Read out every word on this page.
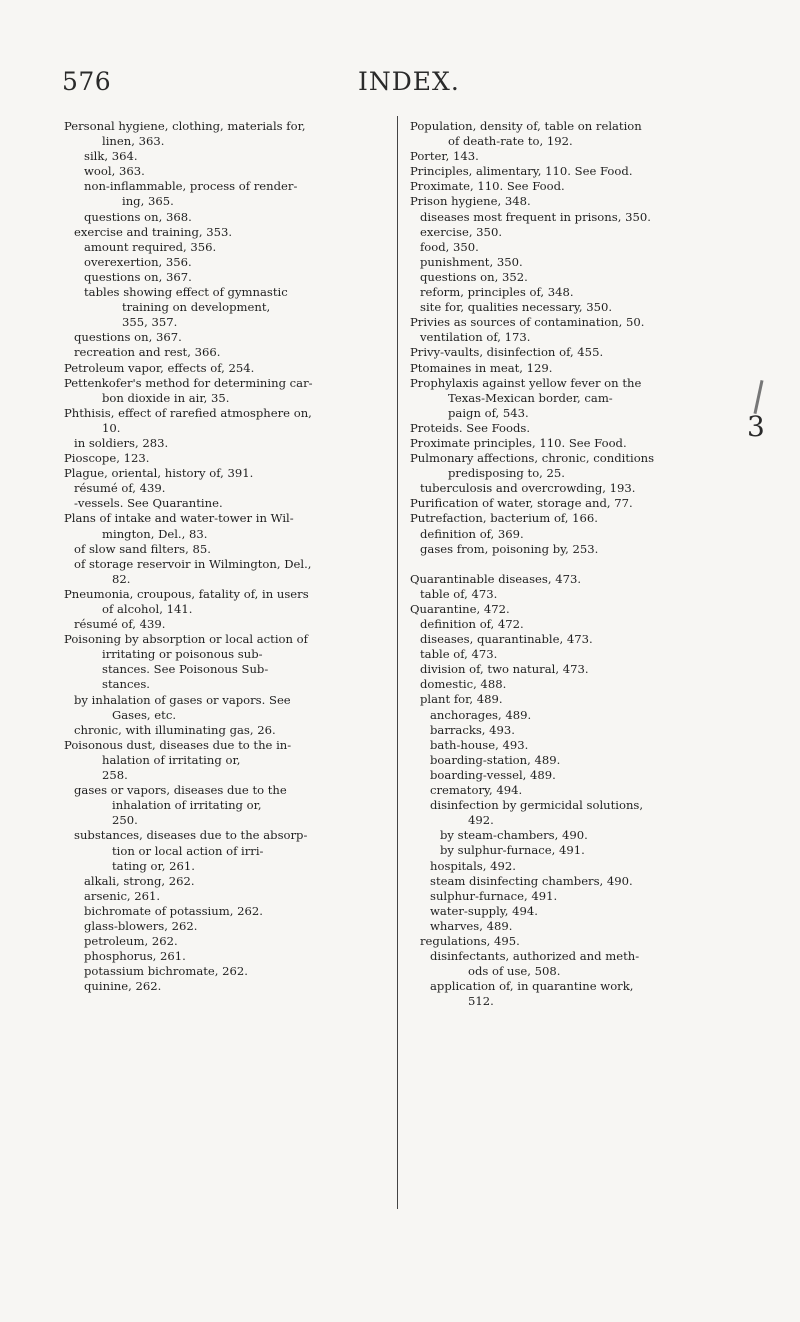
576	INDEX.
Personal hygiene, clothing, materials for,
linen, 363.
silk, 364.
wool, 363.
non-inflammable, process of render-
ing, 365.
questions on, 368.
exercise and training, 353.
amount required, 356.
overexertion, 356.
questions on, 367.
tables showing effect of gymnastic
training on development,
355, 357.
questions on, 367.
recreation and rest, 366.
Petroleum vapor, effects of, 254.
Pettenkofer's method for determining car-
bon dioxide in air, 35.
Phthisis, effect of rarefied atmosphere on,
10.
in soldiers, 283.
Pioscope, 123.
Plague, oriental, history of, 391.
résumé of, 439.
-vessels. See Quarantine.
Plans of intake and water-tower in Wil-
mington, Del., 83.
of slow sand filters, 85.
of storage reservoir in Wilmington, Del.,
82.
Pneumonia, croupous, fatality of, in users
of alcohol, 141.
résumé of, 439.
Poisoning by absorption or local action of
irritating or poisonous sub-
stances. See Poisonous Sub-
stances.
by inhalation of gases or vapors. See
Gases, etc.
chronic, with illuminating gas, 26.
Poisonous dust, diseases due to the in-
halation of irritating or,
258.
gases or vapors, diseases due to the
inhalation of irritating or,
250.
substances, diseases due to the absorp-
tion or local action of irri-
tating or, 261.
alkali, strong, 262.
arsenic, 261.
bichromate of potassium, 262.
glass-blowers, 262.
petroleum, 262.
phosphorus, 261.
potassium bichromate, 262.
quinine, 262.
Population, density of, table on relation
of death-rate to, 192.
Porter, 143.
Principles, alimentary, 110. See Food.
Proximate, 110. See Food.
Prison hygiene, 348.
diseases most frequent in prisons, 350.
exercise, 350.
food, 350.
punishment, 350.
questions on, 352.
reform, principles of, 348.
site for, qualities necessary, 350.
Privies as sources of contamination, 50.
ventilation of, 173.
Privy-vaults, disinfection of, 455.
Ptomaines in meat, 129.
Prophylaxis against yellow fever on the
Texas-Mexican border, cam-
paign of, 543.
Proteids. See Foods.
Proximate principles, 110. See Food.
Pulmonary affections, chronic, conditions
predisposing to, 25.
tuberculosis and overcrowding, 193.
Purification of water, storage and, 77.
Putrefaction, bacterium of, 166.
definition of, 369.
gases from, poisoning by, 253.
Quarantinable diseases, 473.
table of, 473.
Quarantine, 472.
definition of, 472.
diseases, quarantinable, 473.
table of, 473.
division of, two natural, 473.
domestic, 488.
plant for, 489.
anchorages, 489.
barracks, 493.
bath-house, 493.
boarding-station, 489.
boarding-vessel, 489.
crematory, 494.
disinfection by germicidal solutions,
492.
by steam-chambers, 490.
by sulphur-furnace, 491.
hospitals, 492.
steam disinfecting chambers, 490.
sulphur-furnace, 491.
water-supply, 494.
wharves, 489.
regulations, 495.
disinfectants, authorized and meth-
ods of use, 508.
application of, in quarantine work,
512.
3
